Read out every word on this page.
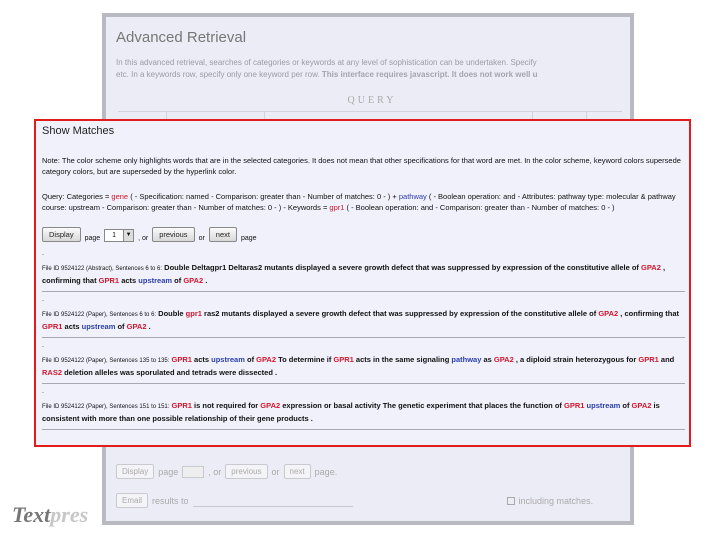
Advanced Retrieval
In this advanced retrieval, searches of categories or keywords at any level of sophistication can be undertaken. Specify
etc. In a keywords row, specify only one keyword per row. This interface requires javascript. It does not work well u
QUERY
Display	page	, or	previous	or	next	page.
Email	results to	including matches.
Textpres
Show Matches
Note: The color scheme only highlights words that are in the selected categories. It does not mean that other specifications for that word are met. In the color scheme, keyword colors supersede category colors, but are superseded by the hyperlink color.
Query: Categories = gene ( - Specification: named - Comparison: greater than - Number of matches: 0 - ) + pathway ( - Boolean operation: and - Attributes: pathway type: molecular & pathway course: upstream - Comparison: greater than - Number of matches: 0 - ) - Keywords = gpr1 ( - Boolean operation: and - Comparison: greater than - Number of matches: 0 - )
Display	page	1	▼ , or	previous	or	next	page
.
File ID 9524122 (Abstract), Sentences 6 to 6: Double Deltagpr1 Deltaras2 mutants displayed a severe growth defect that was suppressed by expression of the constitutive allele of GPA2 , confirming that GPR1 acts upstream of GPA2 .
.
File ID 9524122 (Paper), Sentences 6 to 6: Double gpr1 ras2 mutants displayed a severe growth defect that was suppressed by expression of the constitutive allele of GPA2 , confirming that GPR1 acts upstream of GPA2 .
.
File ID 9524122 (Paper), Sentences 135 to 135: GPR1 acts upstream of GPA2 To determine if GPR1 acts in the same signaling pathway as GPA2 , a diploid strain heterozygous for GPR1 and RAS2 deletion alleles was sporulated and tetrads were dissected .
.
File ID 9524122 (Paper), Sentences 151 to 151: GPR1 is not required for GPA2 expression or basal activity The genetic experiment that places the function of GPR1 upstream of GPA2 is consistent with more than one possible relationship of their gene products .
